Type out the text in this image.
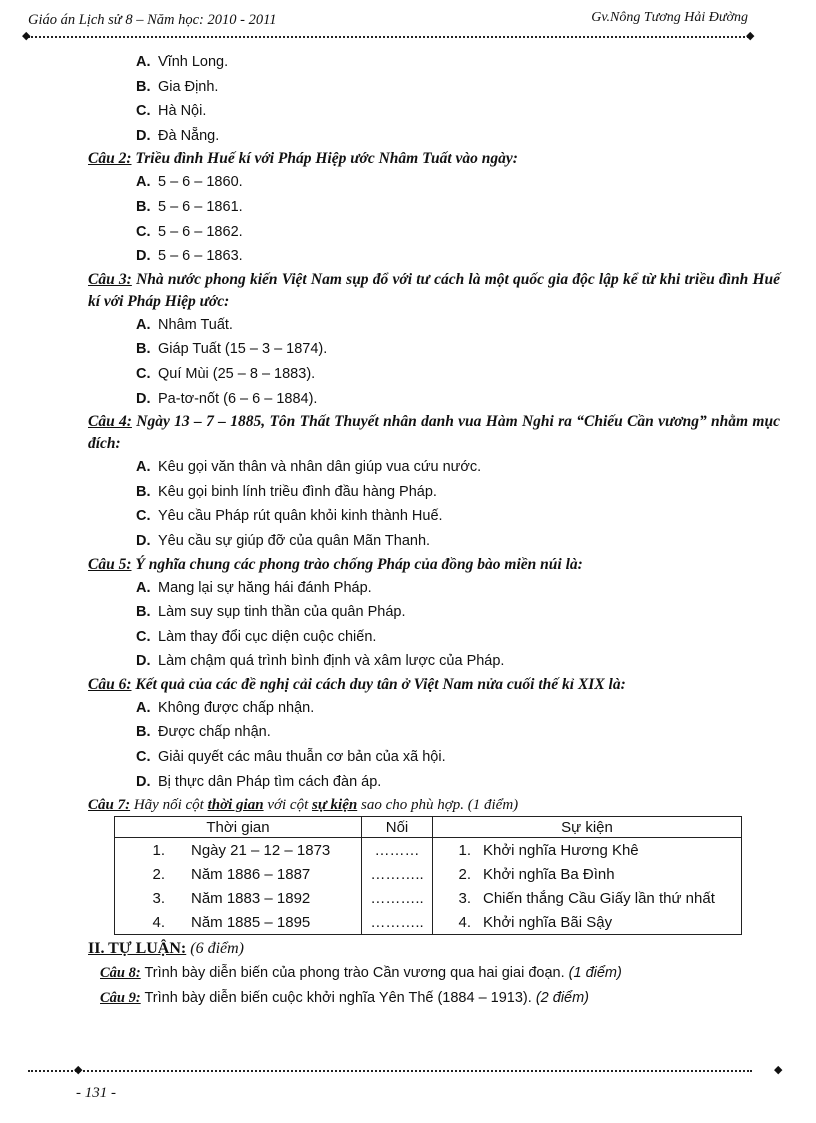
Giáo án Lịch sử 8 – Năm học: 2010 - 2011	Gv.Nông Tương Hải Đường
◆	◆
A. Vĩnh Long.
B. Gia Định.
C. Hà Nội.
D. Đà Nẵng.

Câu 2: Triều đình Huế kí với Pháp Hiệp ước Nhâm Tuất vào ngày:

A. 5 – 6 – 1860.
B. 5 – 6 – 1861.
C. 5 – 6 – 1862.
D. 5 – 6 – 1863.

Câu 3: Nhà nước phong kiến Việt Nam sụp đổ với tư cách là một quốc gia độc lập kể từ khi triều đình Huế kí với Pháp Hiệp ước:

A. Nhâm Tuất.
B. Giáp Tuất (15 – 3 – 1874).
C. Quí Mùi (25 – 8 – 1883).
D. Pa-tơ-nốt (6 – 6 – 1884).

Câu 4: Ngày 13 – 7 – 1885, Tôn Thất Thuyết nhân danh vua Hàm Nghi ra “Chiếu Cần vương” nhằm mục đích:

A. Kêu gọi văn thân và nhân dân giúp vua cứu nước.
B. Kêu gọi binh lính triều đình đầu hàng Pháp.
C. Yêu cầu Pháp rút quân khỏi kinh thành Huế.
D. Yêu cầu sự giúp đỡ của quân Mãn Thanh.

Câu 5: Ý nghĩa chung các phong trào chống Pháp của đồng bào miền núi là:

A. Mang lại sự hăng hái đánh Pháp.
B. Làm suy sụp tinh thần của quân Pháp.
C. Làm thay đổi cục diện cuộc chiến.
D. Làm chậm quá trình bình định và xâm lược của Pháp.

Câu 6: Kết quả của các đề nghị cải cách duy tân ở Việt Nam nửa cuối thế kỉ XIX là:

A. Không được chấp nhận.
B. Được chấp nhận.
C. Giải quyết các mâu thuẫn cơ bản của xã hội.
D. Bị thực dân Pháp tìm cách đàn áp.
Câu 7: Hãy nối cột thời gian với cột sự kiện sao cho phù hợp. (1 điểm)
Thời gian	Nối	Sự kiện
1. Ngày 21 – 12 – 1873	………	1. Khởi nghĩa Hương Khê
2. Năm 1886 – 1887	………..	2. Khởi nghĩa Ba Đình
3. Năm 1883 – 1892	………..	3. Chiến thắng Cầu Giấy lần thứ nhất
4. Năm 1885 – 1895	………..	4. Khởi nghĩa Bãi Sậy
II. TỰ LUẬN: (6 điểm)
Câu 8: Trình bày diễn biến của phong trào Cần vương qua hai giai đoạn. (1 điểm)
Câu 9: Trình bày diễn biến cuộc khởi nghĩa Yên Thế (1884 – 1913). (2 điểm)
◆	◆
- 131 -
